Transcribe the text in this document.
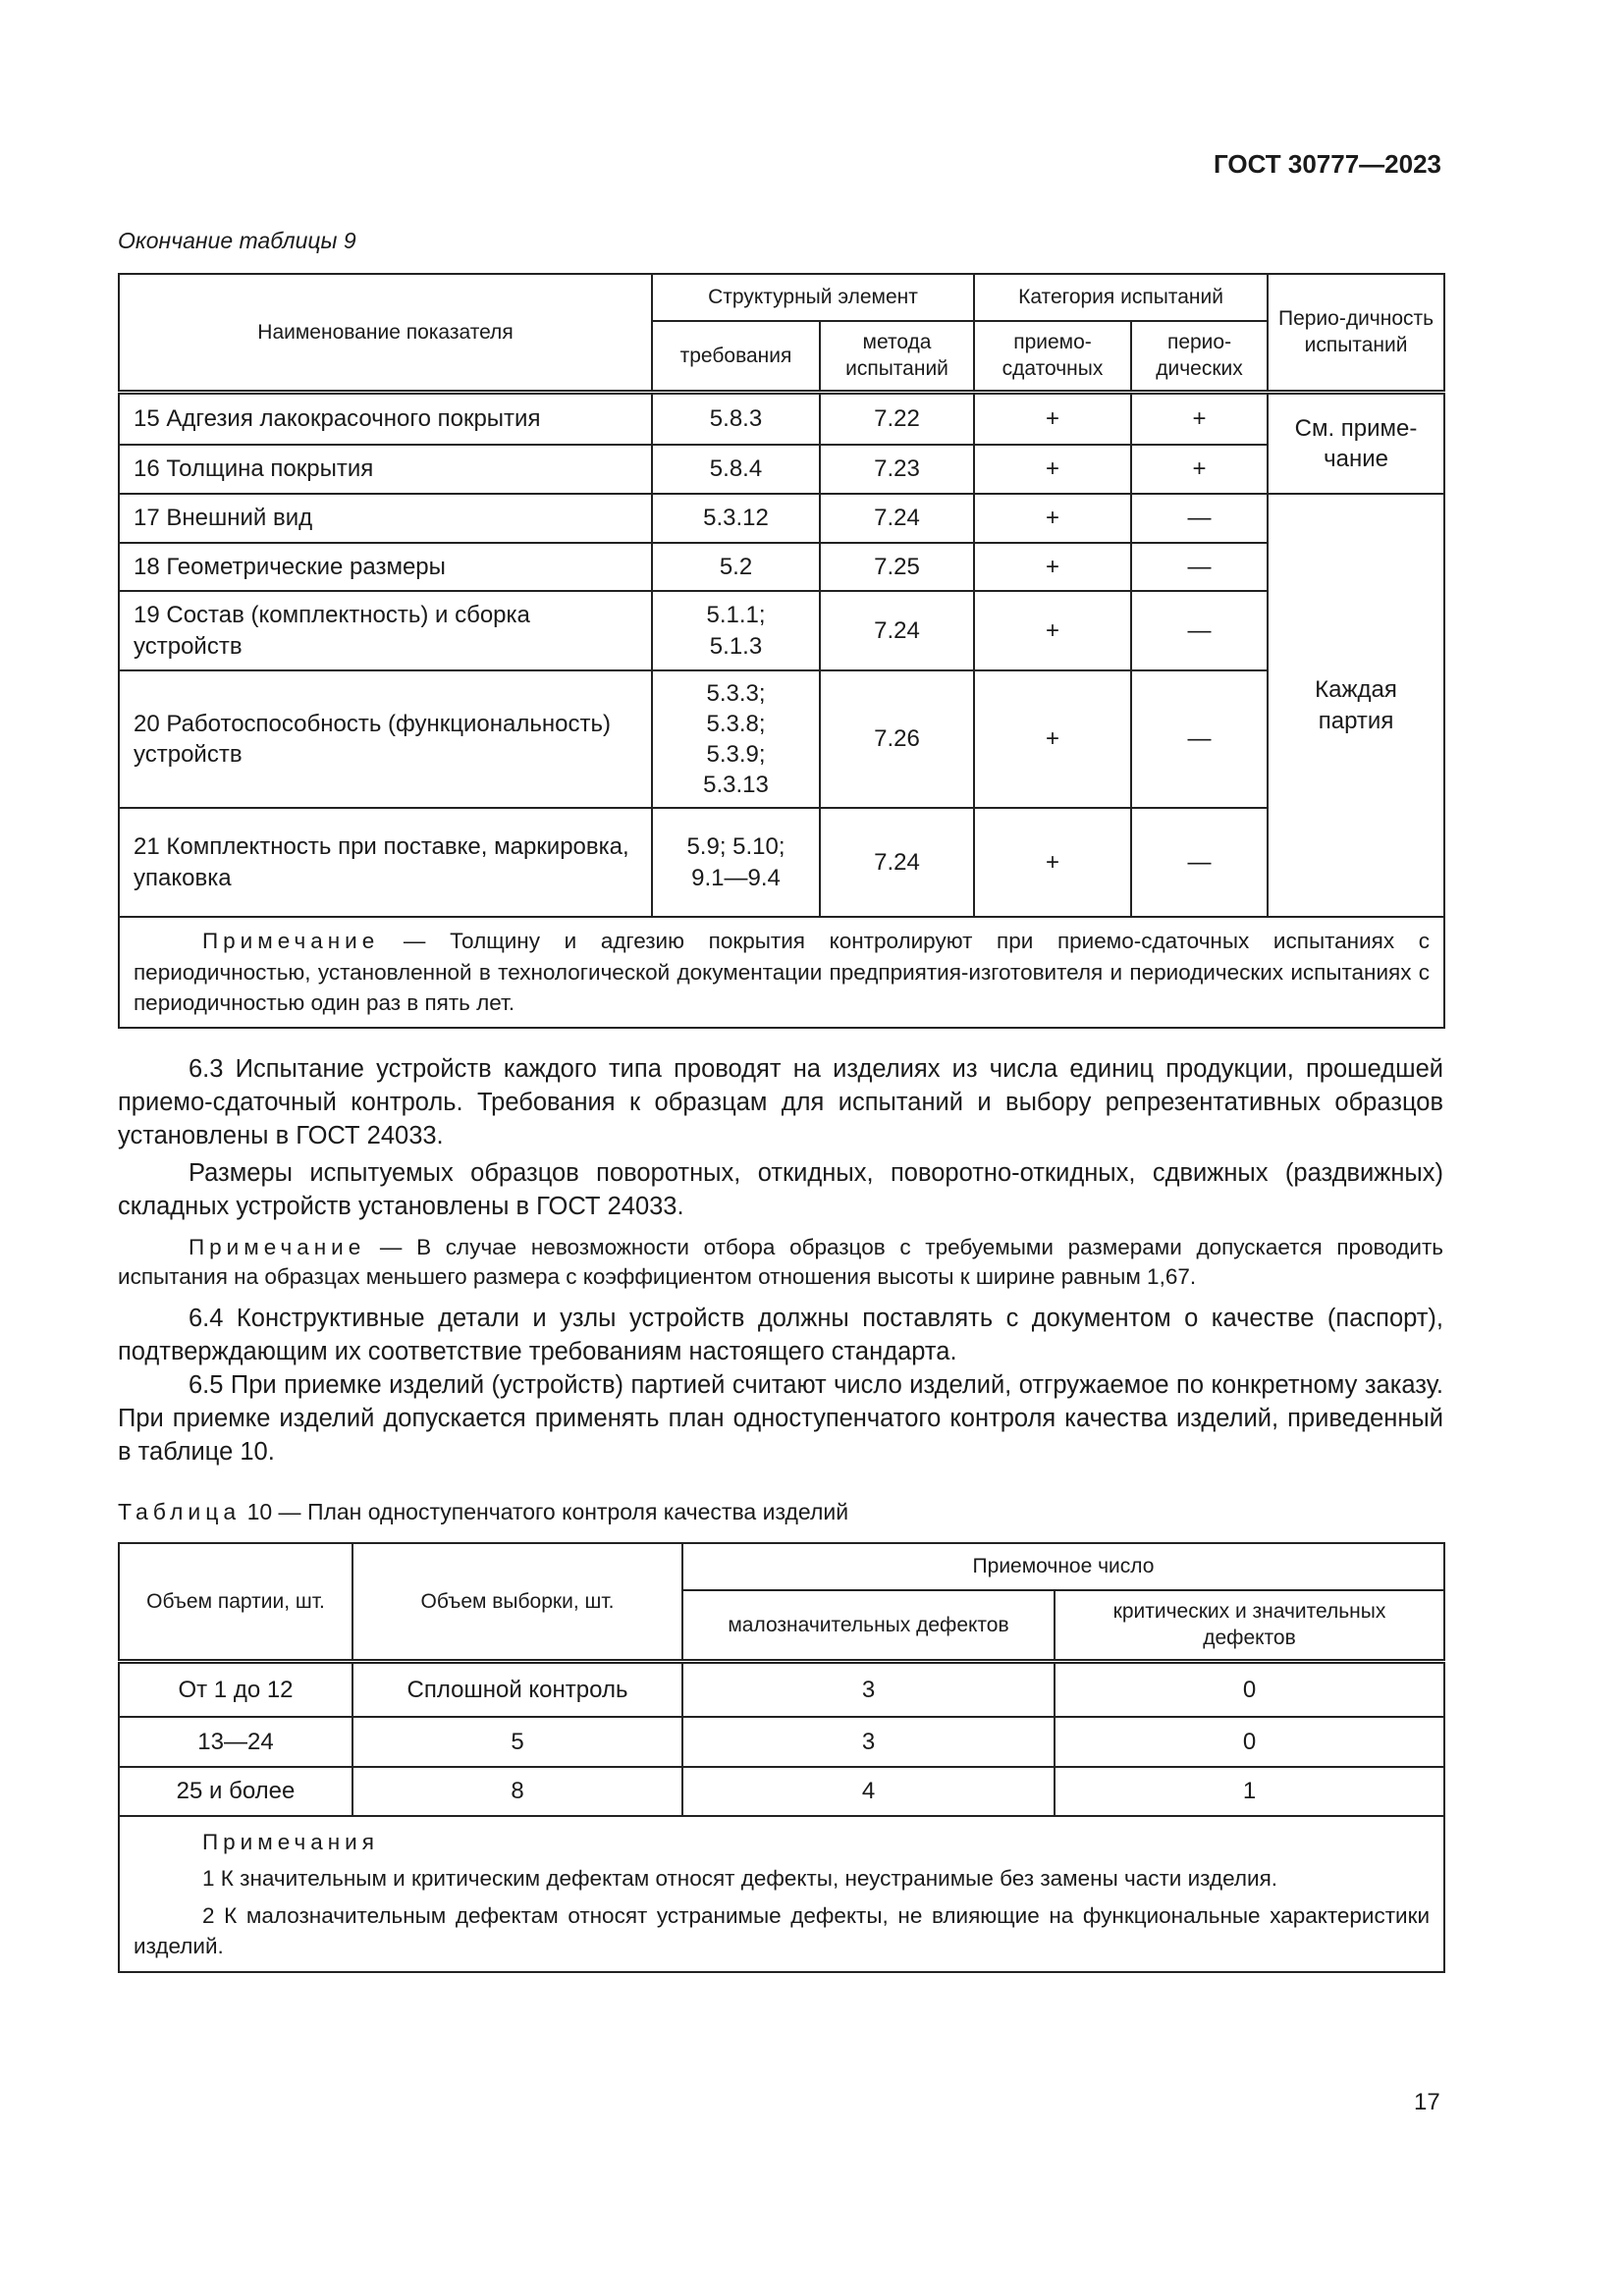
ГОСТ 30777—2023
Окончание таблицы 9
Наименование показателя	Структурный элемент		Категория испытаний		Перио-дичность испытаний
	требования	метода испытаний	приемо-сдаточных	перио-дических	
15 Адгезия лакокрасочного покрытия	5.8.3	7.22	+	+	См. приме-чание
16 Толщина покрытия	5.8.4	7.23	+	+	
17 Внешний вид	5.3.12	7.24	+	—	Каждая партия
18 Геометрические размеры	5.2	7.25	+	—	
19 Состав (комплектность) и сборка устройств	5.1.1; 5.1.3	7.24	+	—	
20 Работоспособность (функциональность) устройств	5.3.3; 5.3.8; 5.3.9; 5.3.13	7.26	+	—	
21 Комплектность при поставке, маркировка, упаковка	5.9; 5.10; 9.1—9.4	7.24	+	—	
Примечание — Толщину и адгезию покрытия контролируют при приемо-сдаточных испытаниях с периодичностью, установленной в технологической документации предприятия-изготовителя и периодических испытаниях с периодичностью один раз в пять лет.					

6.3 Испытание устройств каждого типа проводят на изделиях из числа единиц продукции, прошедшей приемо-сдаточный контроль. Требования к образцам для испытаний и выбору репрезентативных образцов установлены в ГОСТ 24033.

Размеры испытуемых образцов поворотных, откидных, поворотно-откидных, сдвижных (раздвижных) складных устройств установлены в ГОСТ 24033.

Примечание — В случае невозможности отбора образцов с требуемыми размерами допускается проводить испытания на образцах меньшего размера с коэффициентом отношения высоты к ширине равным 1,67.

6.4 Конструктивные детали и узлы устройств должны поставлять с документом о качестве (паспорт), подтверждающим их соответствие требованиям настоящего стандарта.

6.5 При приемке изделий (устройств) партией считают число изделий, отгружаемое по конкретному заказу. При приемке изделий допускается применять план одноступенчатого контроля качества изделий, приведенный в таблице 10.

Таблица 10 — План одноступенчатого контроля качества изделий
Объем партии, шт.	Объем выборки, шт.	Приемочное число	
		малозначительных дефектов	критических и значительных дефектов
От 1 до 12	Сплошной контроль	3	0
13—24	5	3	0
25 и более	8	4	1

Примечания
1 К значительным и критическим дефектам относят дефекты, неустранимые без замены части изделия.
2 К малозначительным дефектам относят устранимые дефекты, не влияющие на функциональные характеристики изделий.			
17
